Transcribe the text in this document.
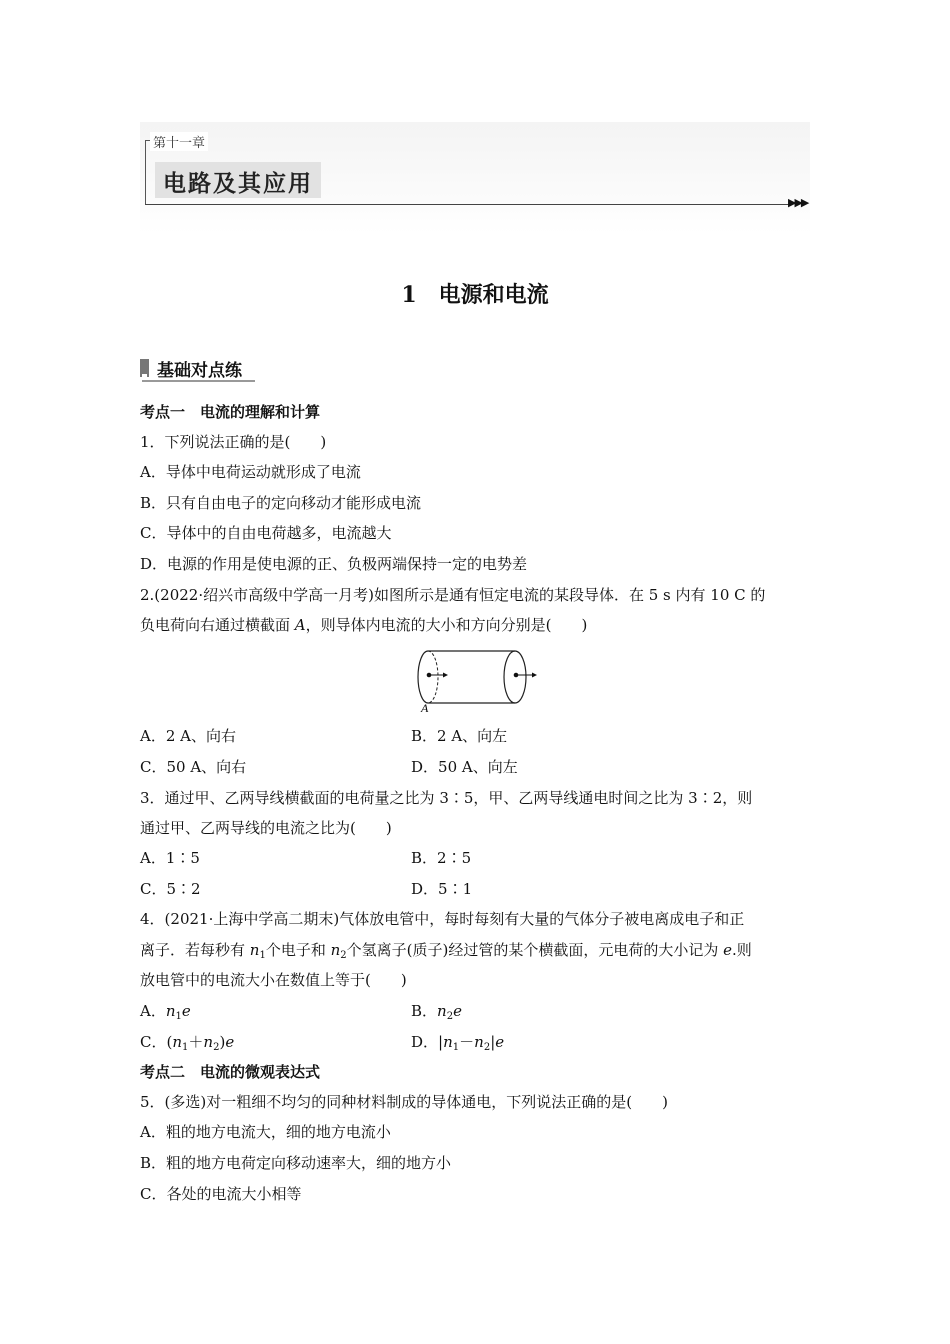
第十一章
电路及其应用
▶▶▶
1 电源和电流
基础对点练
考点一　电流的理解和计算
1．下列说法正确的是(　　)
A．导体中电荷运动就形成了电流
B．只有自由电子的定向移动才能形成电流
C．导体中的自由电荷越多，电流越大
D．电源的作用是使电源的正、负极两端保持一定的电势差
2.(2022·绍兴市高级中学高一月考)如图所示是通有恒定电流的某段导体．在 5 s 内有 10 C 的
负电荷向右通过横截面 A，则导体内电流的大小和方向分别是(　　)
A
A．2 A、向右	B．2 A、向左
C．50 A、向右	D．50 A、向左
3．通过甲、乙两导线横截面的电荷量之比为 3∶5，甲、乙两导线通电时间之比为 3∶2，则
通过甲、乙两导线的电流之比为(　　)
A．1∶5	B．2∶5
C．5∶2	D．5∶1
4．(2021·上海中学高二期末)气体放电管中，每时每刻有大量的气体分子被电离成电子和正
离子．若每秒有 $n_1$个电子和 $n_2$个氢离子(质子)经过管的某个横截面，元电荷的大小记为 e.则
放电管中的电流大小在数值上等于(　　)
A．$n_1e$	B．$n_2e$
C．$(n_1+n_2)e$	D．$|n_1-n_2|e$
考点二　电流的微观表达式
5．(多选)对一粗细不均匀的同种材料制成的导体通电，下列说法正确的是(　　)
A．粗的地方电流大，细的地方电流小
B．粗的地方电荷定向移动速率大，细的地方小
C．各处的电流大小相等
